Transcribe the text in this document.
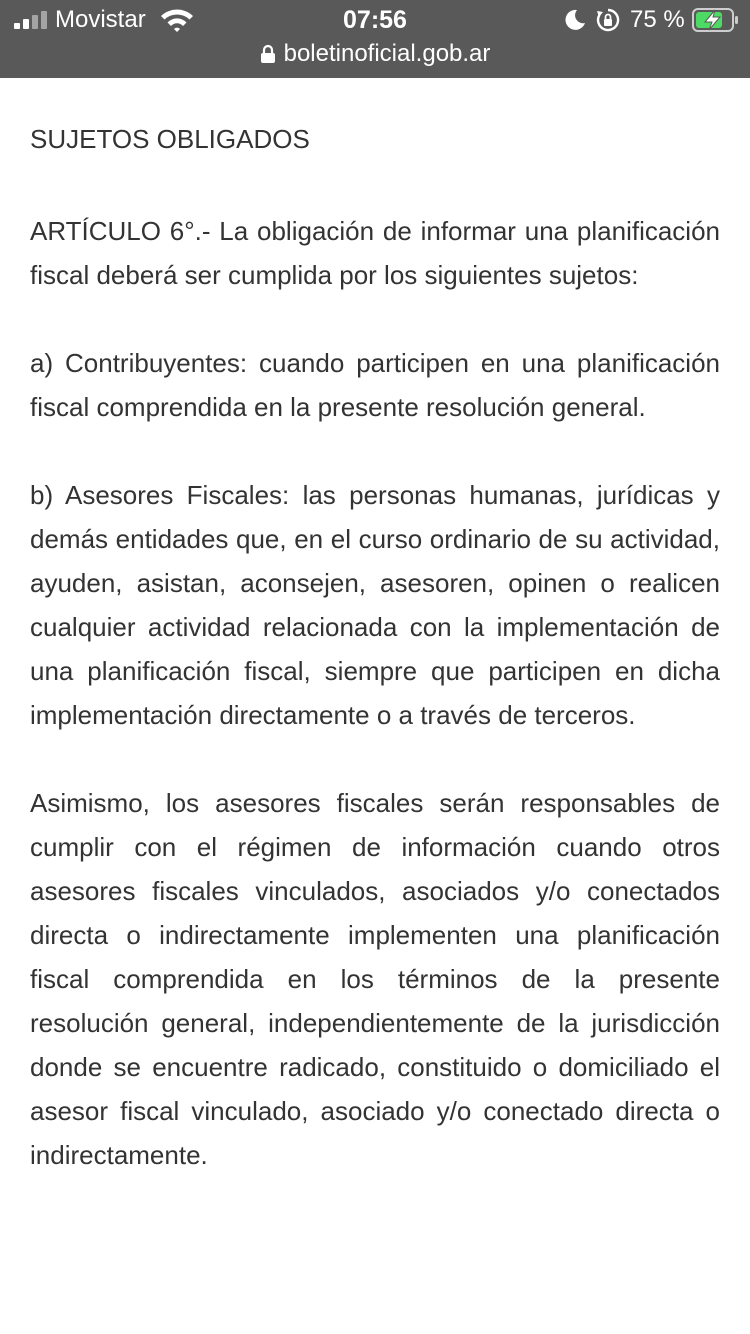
Movistar	07:56	75 %
boletinoficial.gob.ar

SUJETOS OBLIGADOS

ARTÍCULO 6°.- La obligación de informar una planificación fiscal deberá ser cumplida por los siguientes sujetos:

a) Contribuyentes: cuando participen en una planificación fiscal comprendida en la presente resolución general.

b) Asesores Fiscales: las personas humanas, jurídicas y demás entidades que, en el curso ordinario de su actividad, ayuden, asistan, aconsejen, asesoren, opinen o realicen cualquier actividad relacionada con la implementación de una planificación fiscal, siempre que participen en dicha implementación directamente o a través de terceros.

Asimismo, los asesores fiscales serán responsables de cumplir con el régimen de información cuando otros asesores fiscales vinculados, asociados y/o conectados directa o indirectamente implementen una planificación fiscal comprendida en los términos de la presente resolución general, independientemente de la jurisdicción donde se encuentre radicado, constituido o domiciliado el asesor fiscal vinculado, asociado y/o conectado directa o indirectamente.
